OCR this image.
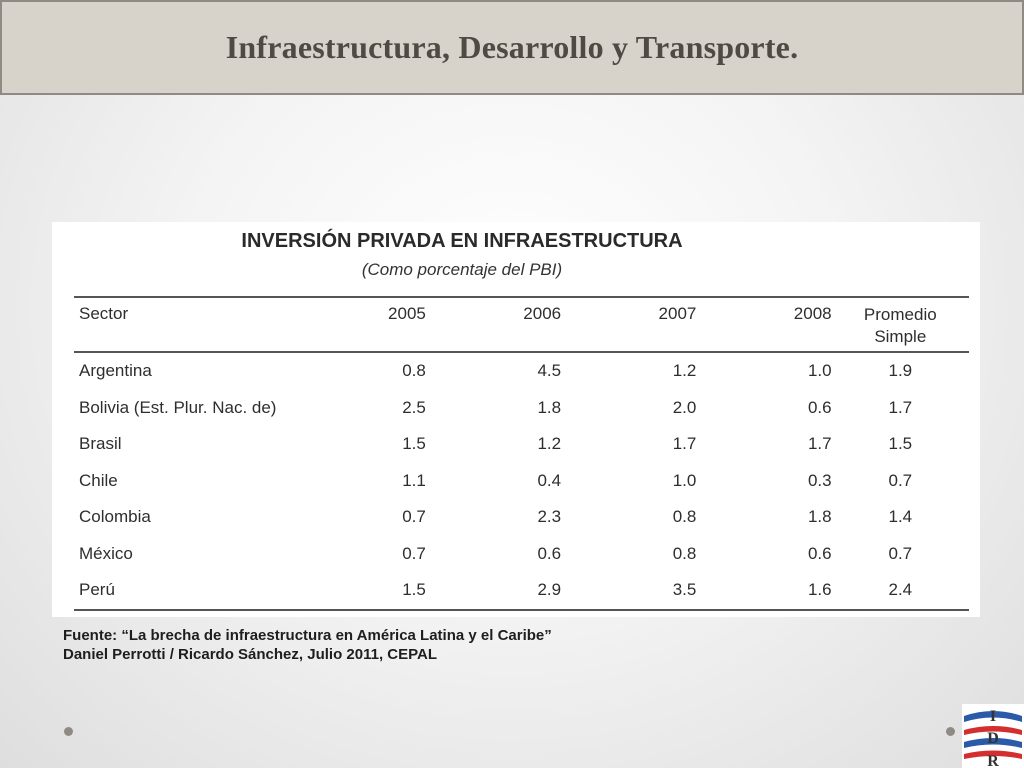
Infraestructura, Desarrollo y Transporte.
INVERSIÓN PRIVADA EN INFRAESTRUCTURA
(Como porcentaje del PBI)
Sector	2005	2006	2007	2008	Promedio
Simple
Argentina	0.8	4.5	1.2	1.0	1.9
Bolivia (Est. Plur. Nac. de)	2.5	1.8	2.0	0.6	1.7
Brasil	1.5	1.2	1.7	1.7	1.5
Chile	1.1	0.4	1.0	0.3	0.7
Colombia	0.7	2.3	0.8	1.8	1.4
México	0.7	0.6	0.8	0.6	0.7
Perú	1.5	2.9	3.5	1.6	2.4
Fuente: “La brecha de infraestructura en América Latina y el Caribe”
Daniel Perrotti / Ricardo Sánchez, Julio 2011, CEPAL
I
D
R
